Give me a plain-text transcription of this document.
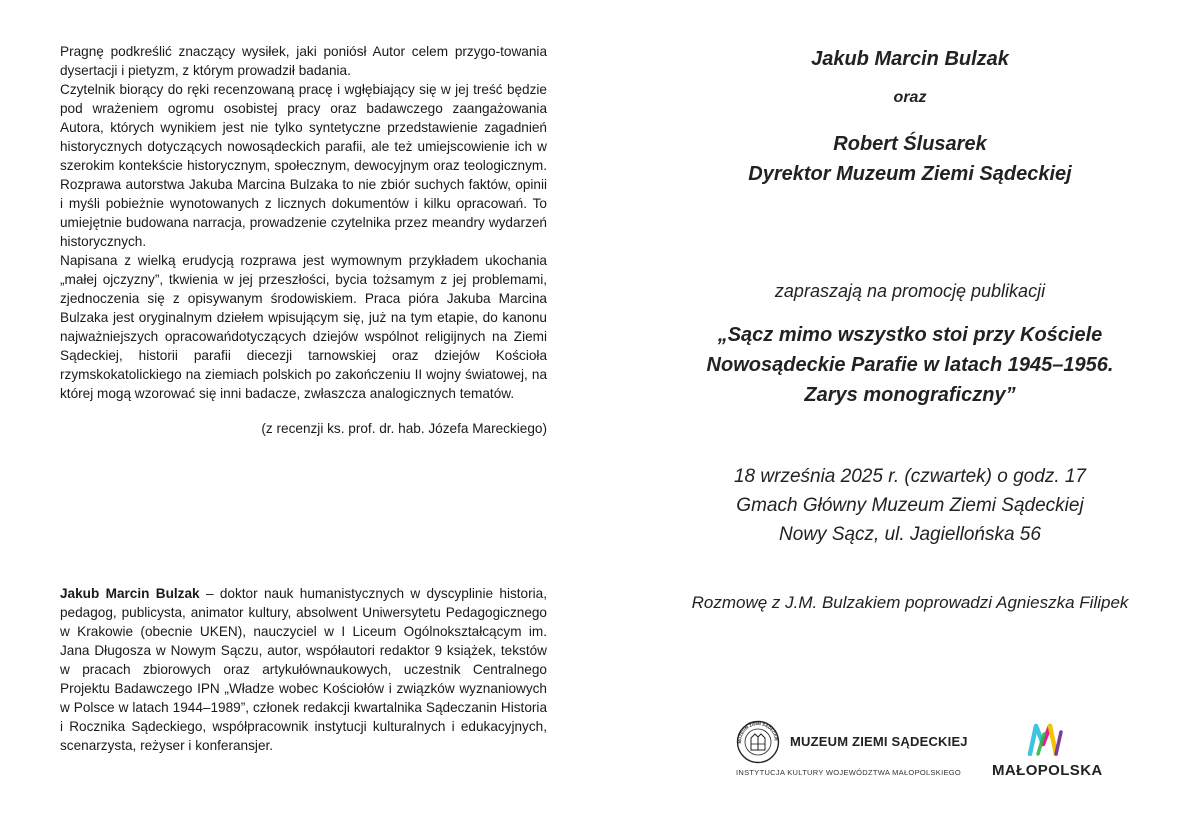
Pragnę podkreślić znaczący wysiłek, jaki poniósł Autor celem przygo-towania dysertacji i pietyzm, z którym prowadził badania.

Czytelnik biorący do ręki recenzowaną pracę i wgłębiający się w jej treść będzie pod wrażeniem ogromu osobistej pracy oraz badawczego zaangażowania Autora, których wynikiem jest nie tylko syntetyczne przedstawienie zagadnień historycznych dotyczących nowosądeckich parafii, ale też umiejscowienie ich w szerokim kontekście historycznym, społecznym, dewocyjnym oraz teologicznym. Rozprawa autorstwa Jakuba Marcina Bulzaka to nie zbiór suchych faktów, opinii i myśli pobieżnie wynotowanych z licznych dokumentów i kilku opracowań. To umiejętnie budowana narracja, prowadzenie czytelnika przez meandry wydarzeń historycznych.

Napisana z wielką erudycją rozprawa jest wymownym przykładem ukochania „małej ojczyzny”, tkwienia w jej przeszłości, bycia tożsamym z jej problemami, zjednoczenia się z opisywanym środowiskiem. Praca pióra Jakuba Marcina Bulzaka jest oryginalnym dziełem wpisującym się, już na tym etapie, do kanonu najważniejszych opracowańdotyczących dziejów wspólnot religijnych na Ziemi Sądeckiej, historii parafii diecezji tarnowskiej oraz dziejów Kościoła rzymskokatolickiego na ziemiach polskich po zakończeniu II wojny światowej, na której mogą wzorować się inni badacze, zwłaszcza analogicznych tematów.

(z recenzji ks. prof. dr. hab. Józefa Mareckiego)

Jakub Marcin Bulzak – doktor nauk humanistycznych w dyscyplinie historia, pedagog, publicysta, animator kultury, absolwent Uniwersytetu Pedagogicznego w Krakowie (obecnie UKEN), nauczyciel w I Liceum Ogólnokształcącym im. Jana Długosza w Nowym Sączu, autor, współautori redaktor 9 książek, tekstów w pracach zbiorowych oraz artykułównaukowych, uczestnik Centralnego Projektu Badawczego IPN „Władze wobec Kościołów i związków wyznaniowych w Polsce w latach 1944–1989”, członek redakcji kwartalnika Sądeczanin Historia i Rocznika Sądeckiego, współpracownik instytucji kulturalnych i edukacyjnych, scenarzysta, reżyser i konferansjer.

Jakub Marcin Bulzak
oraz
Robert Ślusarek
Dyrektor Muzeum Ziemi Sądeckiej
zapraszają na promocję publikacji
„Sącz mimo wszystko stoi przy Kościele
Nowosądeckie Parafie w latach 1945–1956.
Zarys monograficzny”
18 września 2025 r. (czwartek) o godz. 17
Gmach Główny Muzeum Ziemi Sądeckiej
Nowy Sącz, ul. Jagiellońska 56
Rozmowę z J.M. Bulzakiem poprowadzi Agnieszka Filipek
MUZEUM ZIEMI SĄDECKIE MUZEUM ZIEMI SĄDECKIEJ
INSTYTUCJA KULTURY WOJEWÓDZTWA MAŁOPOLSKIEGO MAŁOPOLSKA
